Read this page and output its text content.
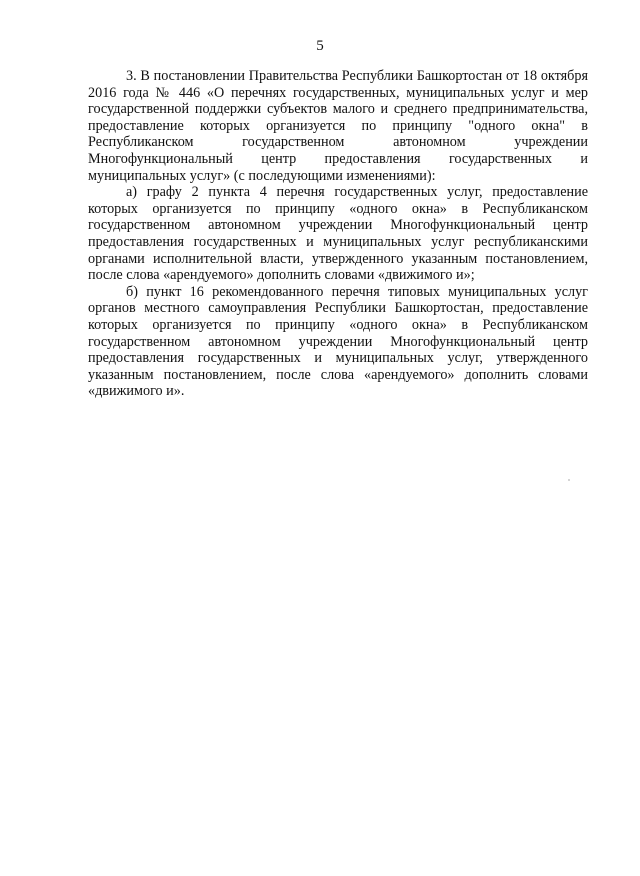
5

3. В постановлении Правительства Республики Башкортостан от 18 октября 2016 года № 446 «О перечнях государственных, муниципальных услуг и мер государственной поддержки субъектов малого и среднего предпринимательства, предоставление которых организуется по принципу "одного окна" в Республиканском государственном автономном учреждении Многофункциональный центр предоставления государственных и муниципальных услуг» (с последующими изменениями):

а) графу 2 пункта 4 перечня государственных услуг, предоставление которых организуется по принципу «одного окна» в Республиканском государственном автономном учреждении Многофункциональный центр предоставления государственных и муниципальных услуг республиканскими органами исполнительной власти, утвержденного указанным постановлением, после слова «арендуемого» дополнить словами «движимого и»;

б) пункт 16 рекомендованного перечня типовых муниципальных услуг органов местного самоуправления Республики Башкортостан, предоставление которых организуется по принципу «одного окна» в Республиканском государственном автономном учреждении Многофункциональный центр предоставления государственных и муниципальных услуг, утвержденного указанным постановлением, после слова «арендуемого» дополнить словами «движимого и».
